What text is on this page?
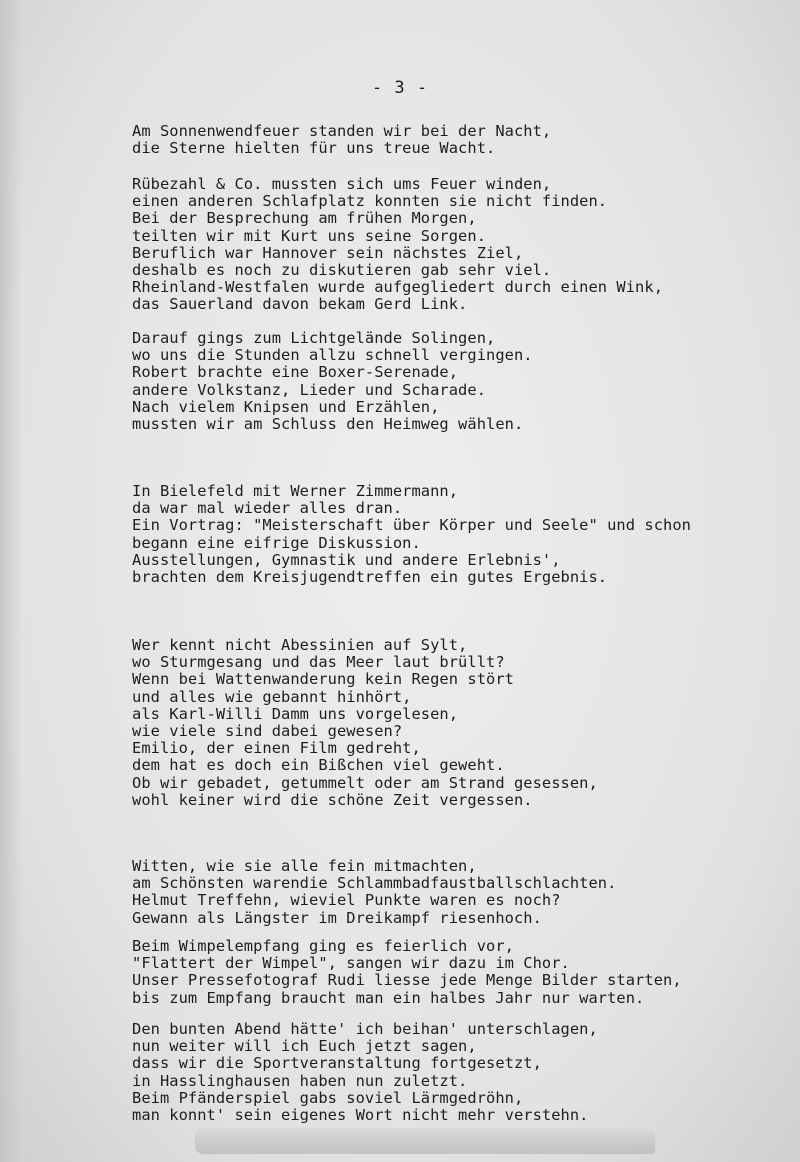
- 3 -
Am Sonnenwendfeuer standen wir bei der Nacht,
die Sterne hielten für uns treue Wacht.
Rübezahl & Co. mussten sich ums Feuer winden,
einen anderen Schlafplatz konnten sie nicht finden.
Bei der Besprechung am frühen Morgen,
teilten wir mit Kurt uns seine Sorgen.
Beruflich war Hannover sein nächstes Ziel,
deshalb es noch zu diskutieren gab sehr viel.
Rheinland-Westfalen wurde aufgegliedert durch einen Wink,
das Sauerland davon bekam Gerd Link.
Darauf gings zum Lichtgelände Solingen,
wo uns die Stunden allzu schnell vergingen.
Robert brachte eine Boxer-Serenade,
andere Volkstanz, Lieder und Scharade.
Nach vielem Knipsen und Erzählen,
mussten wir am Schluss den Heimweg wählen.
In Bielefeld mit Werner Zimmermann,
da war mal wieder alles dran.
Ein Vortrag: "Meisterschaft über Körper und Seele" und schon
begann eine eifrige Diskussion.
Ausstellungen, Gymnastik und andere Erlebnis',
brachten dem Kreisjugendtreffen ein gutes Ergebnis.
Wer kennt nicht Abessinien auf Sylt,
wo Sturmgesang und das Meer laut brüllt?
Wenn bei Wattenwanderung kein Regen stört
und alles wie gebannt hinhört,
als Karl-Willi Damm uns vorgelesen,
wie viele sind dabei gewesen?
Emilio, der einen Film gedreht,
dem hat es doch ein Bißchen viel geweht.
Ob wir gebadet, getummelt oder am Strand gesessen,
wohl keiner wird die schöne Zeit vergessen.
Witten, wie sie alle fein mitmachten,
am Schönsten warendie Schlammbadfaustballschlachten.
Helmut Treffehn, wieviel Punkte waren es noch?
Gewann als Längster im Dreikampf riesenhoch.
Beim Wimpelempfang ging es feierlich vor,
"Flattert der Wimpel", sangen wir dazu im Chor.
Unser Pressefotograf Rudi liesse jede Menge Bilder starten,
bis zum Empfang braucht man ein halbes Jahr nur warten.
Den bunten Abend hätte' ich beihan' unterschlagen,
nun weiter will ich Euch jetzt sagen,
dass wir die Sportveranstaltung fortgesetzt,
in Hasslinghausen haben nun zuletzt.
Beim Pfänderspiel gabs soviel Lärmgedröhn,
man konnt' sein eigenes Wort nicht mehr verstehn.
